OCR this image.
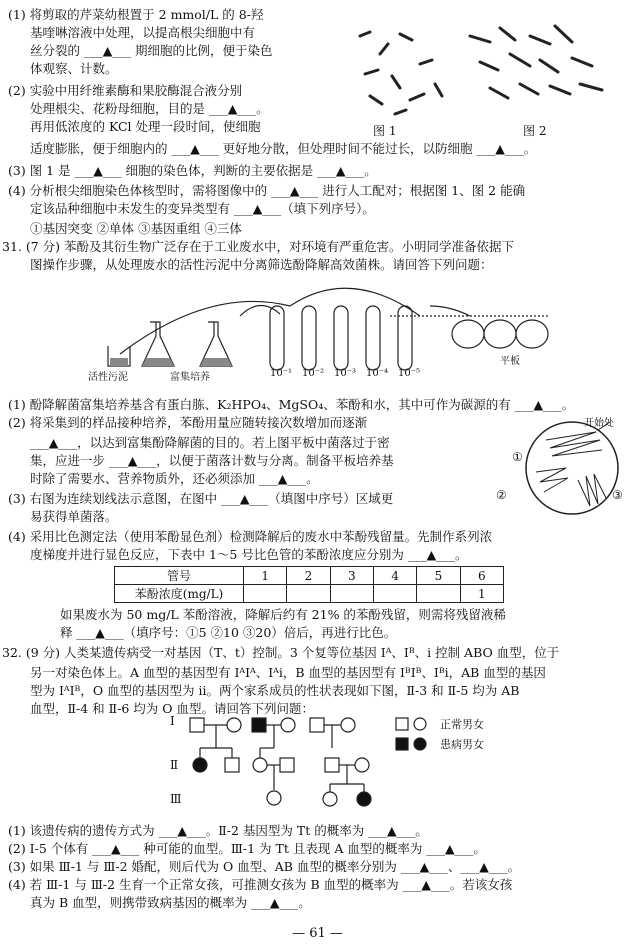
(1) 将剪取的芹菜幼根置于 2 mmol/L 的 8-羟
基喹啉溶液中处理，以提高根尖细胞中有
丝分裂的 ___▲___ 期细胞的比例，便于染色
体观察、计数。
(2) 实验中用纤维素酶和果胶酶混合液分别
处理根尖、花粉母细胞，目的是 ___▲___。
再用低浓度的 KCl 处理一段时间，使细胞
适度膨胀，便于细胞内的 ___▲___ 更好地分散，但处理时间不能过长，以防细胞 ___▲___。
(3) 图 1 是 ___▲___ 细胞的染色体，判断的主要依据是 ___▲___。
(4) 分析根尖细胞染色体核型时，需将图像中的 ___▲___ 进行人工配对；根据图 1、图 2 能确
定该品种细胞中未发生的变异类型有 ___▲___（填下列序号）。
①基因突变 ②单体 ③基因重组 ④三体
31. (7 分) 苯酚及其衍生物广泛存在于工业废水中，对环境有严重危害。小明同学准备依据下
图操作步骤，从处理废水的活性污泥中分离筛选酚降解高效菌株。请回答下列问题：
(1) 酚降解菌富集培养基含有蛋白胨、K₂HPO₄、MgSO₄、苯酚和水，其中可作为碳源的有 ___▲___。
(2) 将采集到的样品接种培养，苯酚用量应随转接次数增加而逐渐
___▲___，以达到富集酚降解菌的目的。若上图平板中菌落过于密
集，应进一步 ___▲___，以便于菌落计数与分离。制备平板培养基
时除了需要水、营养物质外，还必须添加 ___▲___。
(3) 右图为连续划线法示意图，在图中 ___▲___（填图中序号）区域更
易获得单菌落。
(4) 采用比色测定法（使用苯酚显色剂）检测降解后的废水中苯酚残留量。先制作系列浓
度梯度并进行显色反应，下表中 1～5 号比色管的苯酚浓度应分别为 ___▲___。
如果废水为 50 mg/L 苯酚溶液，降解后约有 21% 的苯酚残留，则需将残留液稀
释 ___▲___（填序号：①5 ②10 ③20）倍后，再进行比色。
32. (9 分) 人类某遗传病受一对基因（T、t）控制。3 个复等位基因 Iᴬ、Iᴮ、i 控制 ABO 血型，位于
另一对染色体上。A 血型的基因型有 IᴬIᴬ、Iᴬi，B 血型的基因型有 IᴮIᴮ、Iᴮi，AB 血型的基因
型为 IᴬIᴮ，O 血型的基因型为 ii。两个家系成员的性状表现如下图，Ⅱ-3 和 Ⅱ-5 均为 AB
血型，Ⅱ-4 和 Ⅱ-6 均为 O 血型。请回答下列问题：
(1) 该遗传病的遗传方式为 ___▲___。Ⅱ-2 基因型为 Tt 的概率为 ___▲___。
(2) Ⅰ-5 个体有 ___▲___ 种可能的血型。Ⅲ-1 为 Tt 且表现 A 血型的概率为 ___▲___。
(3) 如果 Ⅲ-1 与 Ⅲ-2 婚配，则后代为 O 血型、AB 血型的概率分别为 ___▲___、___▲___。
(4) 若 Ⅲ-1 与 Ⅲ-2 生育一个正常女孩，可推测女孩为 B 血型的概率为 ___▲___。若该女孩
真为 B 血型，则携带致病基因的概率为 ___▲___。
图 1	图 2
活性污泥	富集培养	10⁻¹ 10⁻² 10⁻³ 10⁻⁴ 10⁻⁵
平板
开始处
①
②	③
管号	1	2	3	4	5	6
苯酚浓度(mg/L)						1
正常男女
患病男女
Ⅰ
Ⅱ
Ⅲ
— 61 —
